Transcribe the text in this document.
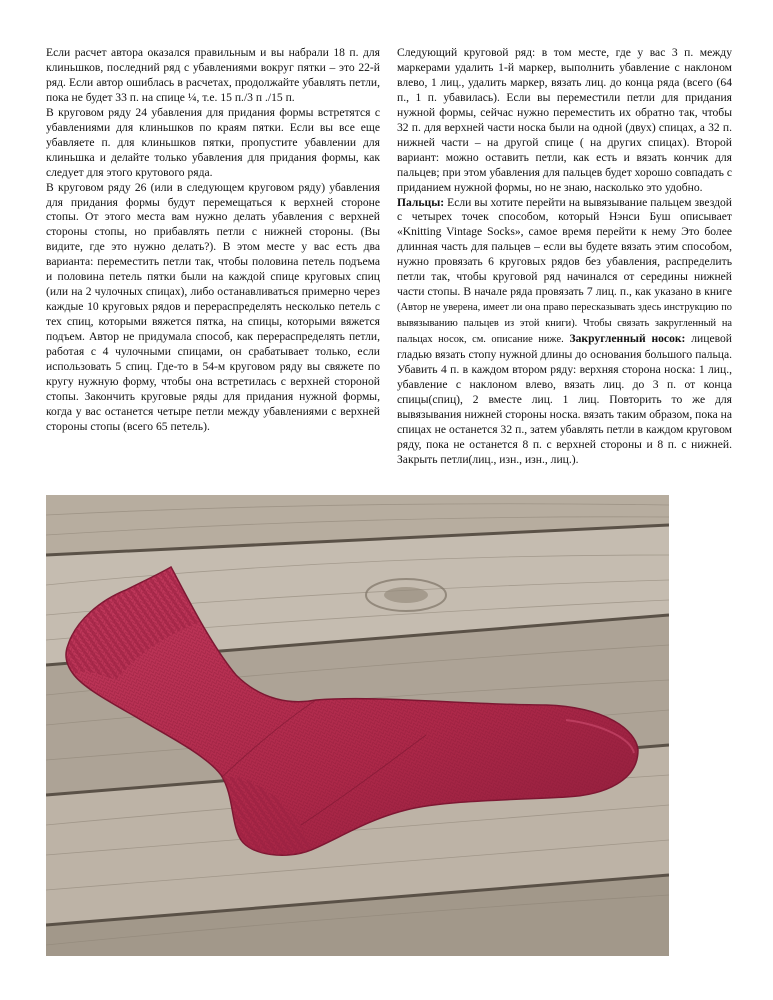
Если расчет автора оказался правильным и вы набрали 18 п. для клиньшков, последний ряд с убавлениями вокруг пятки – это 22-й ряд. Если автор ошиблась в расчетах, продолжайте убавлять петли, пока не будет 33 п. на спице ¼, т.е. 15 п./3 п ./15 п.

В круговом ряду 24 убавления для придания формы встретятся с убавлениями для клиньшков по краям пятки. Если вы все еще убавляете п. для клиньшков пятки, пропустите убавлении для клиньшка и делайте только убавления для придания формы, как следует для этого крутового ряда.

В круговом ряду 26 (или в следующем круговом ряду) убавления для придания формы будут перемещаться к верхней стороне стопы. От этого места вам нужно делать убавления с верхней стороны стопы, но прибавлять петли с нижней стороны. (Вы видите, где это нужно делать?). В этом месте у вас есть два варианта: переместить петли так, чтобы половина петель подъема и половина петель пятки были на каждой спице круговых спиц (или на 2 чулочных спицах), либо останавливаться примерно через каждые 10 круговых рядов и перераспределять несколько петель с тех спиц, которыми вяжется пятка, на спицы, которыми вяжется подъем. Автор не придумала способ, как перераспределять петли, работая с 4 чулочными спицами, он срабатывает только, если использовать 5 спиц. Где-то в 54-м круговом ряду вы свяжете по кругу нужную форму, чтобы она встретилась с верхней стороной стопы. Закончить круговые ряды для придания нужной формы, когда у вас останется четыре петли между убавлениями с верхней стороны стопы (всего 65 петель).

Следующий круговой ряд: в том месте, где у вас 3 п. между маркерами удалить 1-й маркер, выполнить убавление с наклоном влево, 1 лиц., удалить маркер, вязать лиц. до конца ряда (всего (64 п., 1 п. убавилась). Если вы переместили петли для придания нужной формы, сейчас нужно переместить их обратно так, чтобы 32 п. для верхней части носка были на одной (двух) спицах, а 32 п. нижней части – на другой спице ( на других спицах). Второй вариант: можно оставить петли, как есть и вязать кончик для пальцев; при этом убавления для пальцев будет хорошо совпадать с приданием нужной формы, но не знаю, насколько это удобно.

Пальцы: Если вы хотите перейти на вывязывание пальцем звездой с четырех точек способом, который Нэнси Буш описывает «Knitting Vintage Socks», самое время перейти к нему Это более длинная часть для пальцев – если вы будете вязать этим способом, нужно провязать 6 круговых рядов без убавления, распределить петли так, чтобы круговой ряд начинался от середины нижней части стопы. В начале ряда провязать 7 лиц. п., как указано в книге (Автор не уверена, имеет ли она право пересказывать здесь инструкцию по вывязыванию пальцев из этой книги). Чтобы связать закругленный на пальцах носок, см. описание ниже. Закругленный носок: лицевой гладью вязать стопу нужной длины до основания большого пальца. Убавить 4 п. в каждом втором ряду: верхняя сторона носка: 1 лиц., убавление с наклоном влево, вязать лиц. до 3 п. от конца спицы(спиц), 2 вместе лиц. 1 лиц. Повторить то же для вывязывания нижней стороны носка. вязать таким образом, пока на спицах не останется 32 п., затем убавлять петли в каждом круговом ряду, пока не останется 8 п. с верхней стороны и 8 п. с нижней. Закрыть петли(лиц., изн., изн., лиц.).
